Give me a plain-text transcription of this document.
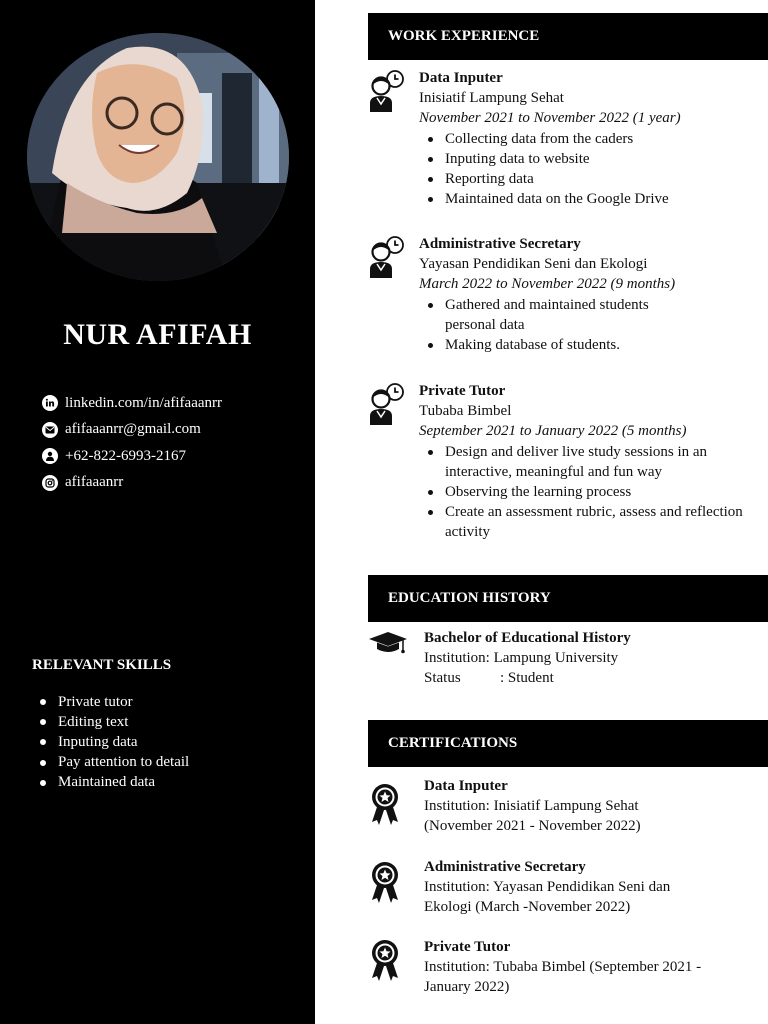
NUR AFIFAH
linkedin.com/in/afifaaanrr
afifaaanrr@gmail.com
+62-822-6993-2167
afifaaanrr
RELEVANT SKILLS
Private tutor
Editing text
Inputing data
Pay attention to detail
Maintained data
WORK EXPERIENCE
Data Inputer
Inisiatif Lampung Sehat
November 2021 to November 2022 (1 year)
Collecting data from the caders
Inputing data to website
Reporting data
Maintained data on the Google Drive
Administrative Secretary
Yayasan Pendidikan Seni dan Ekologi
March 2022 to November 2022 (9 months)
Gathered and maintained students personal data
Making database of students.
Private Tutor
Tubaba Bimbel
September 2021 to January 2022 (5 months)
Design and deliver live study sessions in an interactive, meaningful and fun way
Observing the learning process
Create an assessment rubric, assess and reflection activity
EDUCATION HISTORY
Bachelor of Educational History
Institution: Lampung University
Status	: Student
CERTIFICATIONS
Data Inputer
Institution: Inisiatif Lampung Sehat (November 2021 - November 2022)
Administrative Secretary
Institution: Yayasan Pendidikan Seni dan Ekologi (March -November 2022)
Private Tutor
Institution: Tubaba Bimbel (September 2021 - January 2022)
